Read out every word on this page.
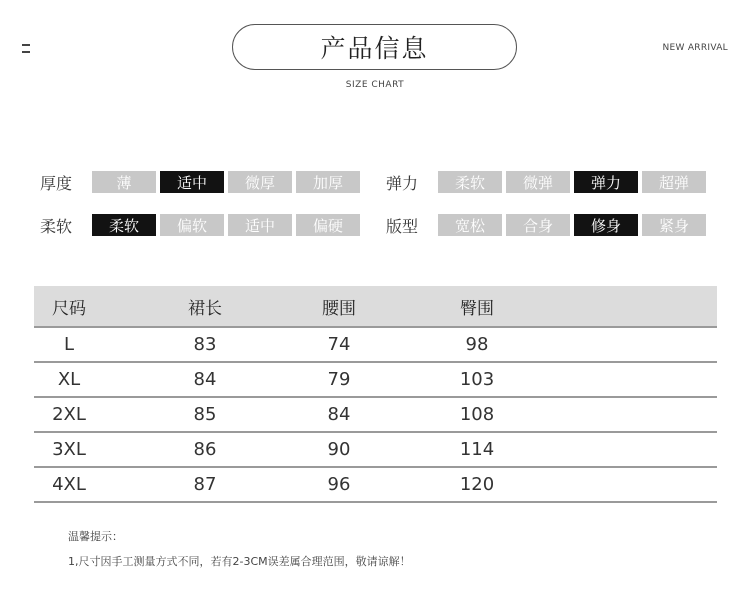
产品信息
SIZE CHART
NEW ARRIVAL
厚度	薄	适中	微厚	加厚	弹力	柔软	微弹	弹力	超弹
柔软	柔软	偏软	适中	偏硬	版型	宽松	合身	修身	紧身
尺码	裙长	腰围	臀围
L	83	74	98
XL	84	79	103
2XL	85	84	108
3XL	86	90	114
4XL	87	96	120
温馨提示：
1,尺寸因手工测量方式不同，若有2-3CM误差属合理范围，敬请谅解！
